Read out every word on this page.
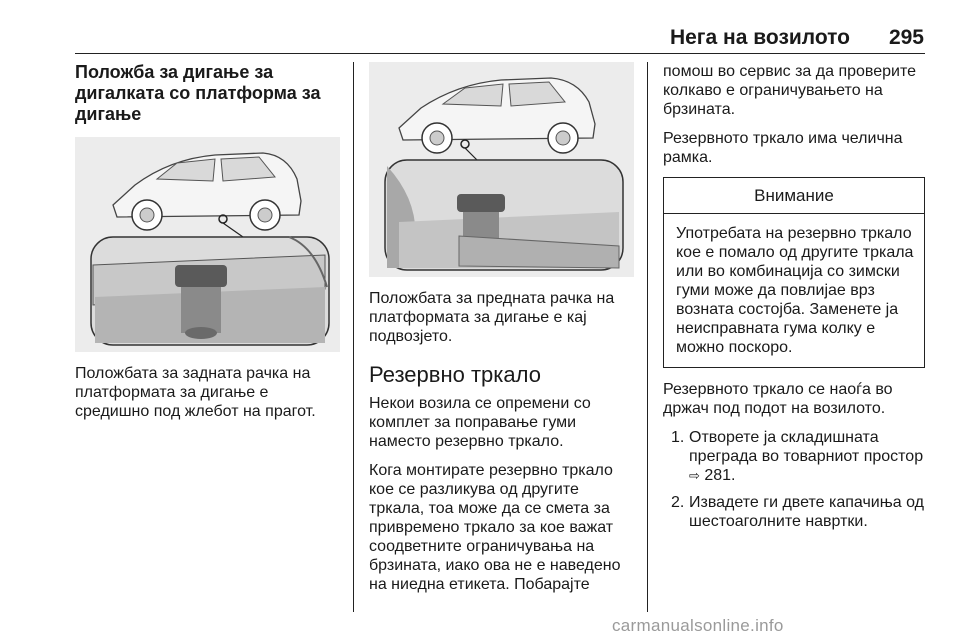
Нега на возилото	295
Положба за дигање за дигалката со платформа за дигање

Положбата за задната рачка на платформата за дигање е средишно под жлебот на прагот.

Положбата за предната рачка на платформата за дигање е кај подвозјето.

Резервно тркало

Некои возила се опремени со комплет за поправање гуми наместо резервно тркало.

Кога монтирате резервно тркало кое се разликува од другите тркала, тоа може да се смета за привремено тркало за кое важат соодветните ограничувања на брзината, иако ова не е наведено на ниедна етикета. Побарајте

помош во сервис за да проверите колкаво е ограничувањето на брзината.

Резервното тркало има челична рамка.

Внимание
Употребата на резервно тркало кое е помало од другите тркала или во комбинација со зимски гуми може да повлијае врз возната состојба. Заменете ја неисправната гума колку е можно поскоро.

Резервното тркало се наоѓа во држач под подот на возилото.

1. Отворете ја складишната преграда во товарниот простор
⇨ 281.
2. Извадете ги двете капачиња од шестоаголните навртки.
carmanualsonline.info
